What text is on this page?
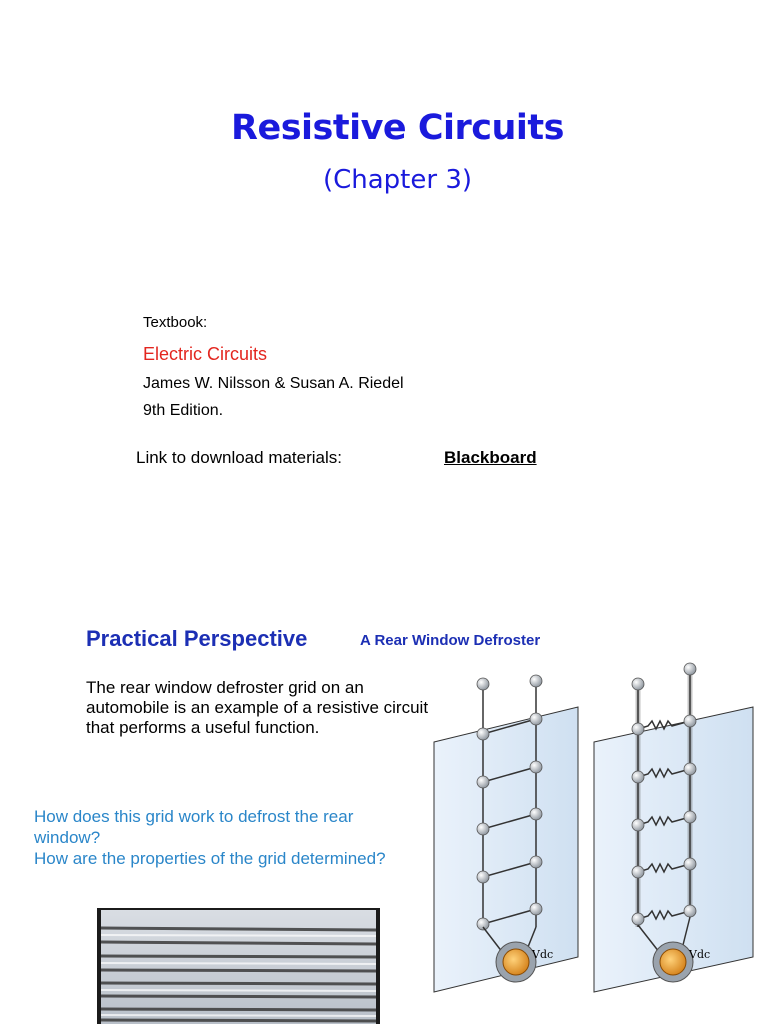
Resistive Circuits
(Chapter 3)
Textbook:
Electric Circuits
James W. Nilsson & Susan A. Riedel
9th Edition.
Link to download materials:	Blackboard
Practical Perspective	A Rear Window Defroster
The rear window defroster grid on an automobile is an example of a resistive circuit that performs a useful function.
How does this grid work to defrost the rear window?
How are the properties of the grid determined?
Vdc	Vdc
